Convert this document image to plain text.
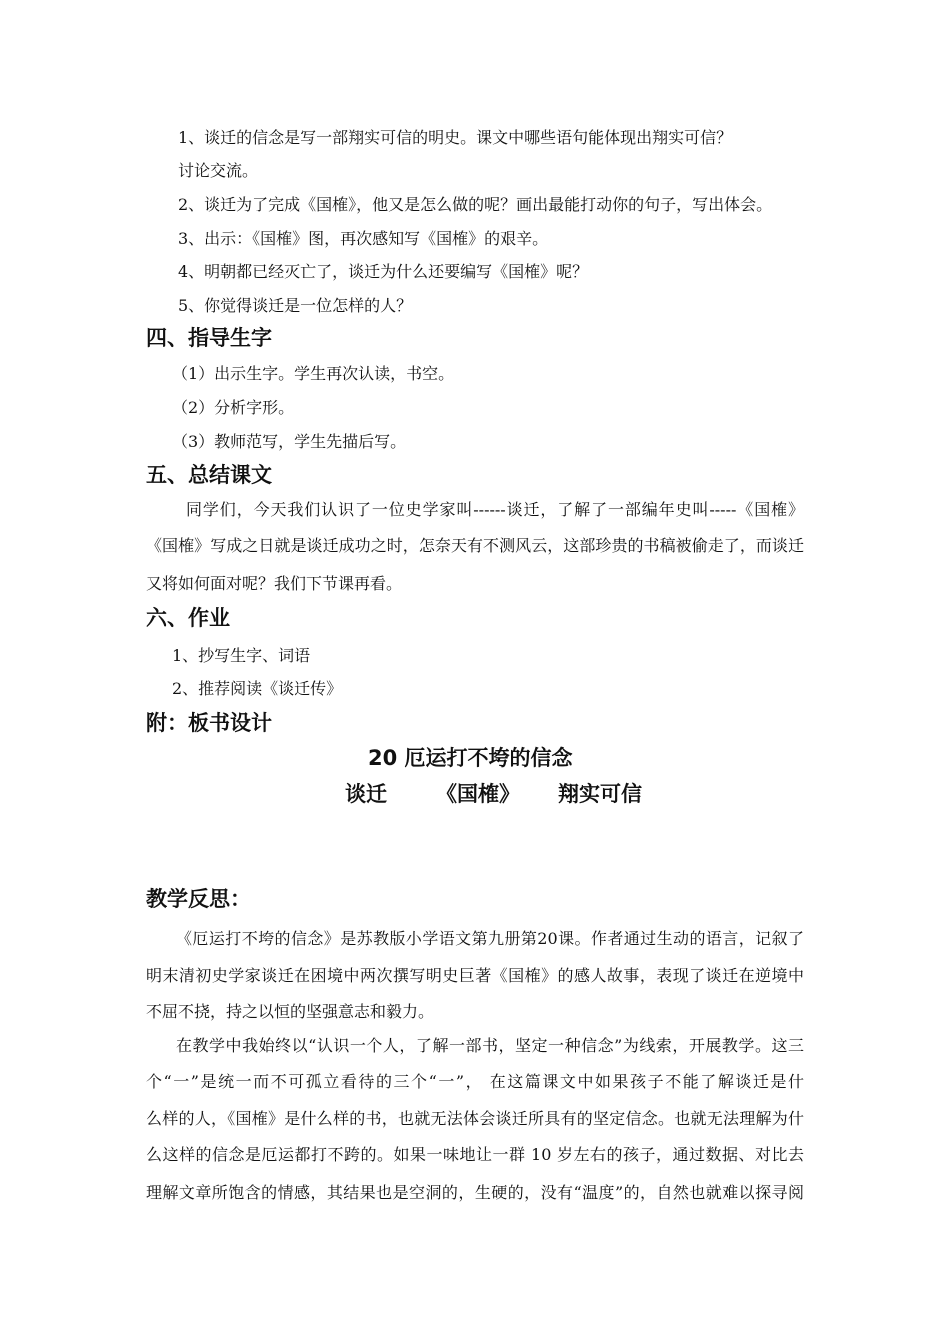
1、谈迁的信念是写一部翔实可信的明史。课文中哪些语句能体现出翔实可信？
讨论交流。
2、谈迁为了完成《国榷》，他又是怎么做的呢？画出最能打动你的句子，写出体会。
3、出示：《国榷》图，再次感知写《国榷》的艰辛。
4、明朝都已经灭亡了，谈迁为什么还要编写《国榷》呢？
5、你觉得谈迁是一位怎样的人？
四、指导生字
（1）出示生字。学生再次认读，书空。
（2）分析字形。
（3）教师范写，学生先描后写。
五、总结课文
同学们，今天我们认识了一位史学家叫------谈迁，了解了一部编年史叫-----《国榷》
《国榷》写成之日就是谈迁成功之时，怎奈天有不测风云，这部珍贵的书稿被偷走了，而谈迁
又将如何面对呢？我们下节课再看。
六、作业
1、抄写生字、词语
2、推荐阅读《谈迁传》
附：板书设计
20 厄运打不垮的信念
谈迁 《国榷》 翔实可信
教学反思：
《厄运打不垮的信念》是苏教版小学语文第九册第20课。作者通过生动的语言，记叙了
明末清初史学家谈迁在困境中两次撰写明史巨著《国榷》的感人故事，表现了谈迁在逆境中
不屈不挠，持之以恒的坚强意志和毅力。
在教学中我始终以“认识一个人，了解一部书，坚定一种信念”为线索，开展教学。这三
个“一”是统一而不可孤立看待的三个“一”， 在这篇课文中如果孩子不能了解谈迁是什
么样的人，《国榷》是什么样的书，也就无法体会谈迁所具有的坚定信念。也就无法理解为什
么这样的信念是厄运都打不跨的。如果一味地让一群 10 岁左右的孩子，通过数据、对比去
理解文章所饱含的情感，其结果也是空洞的，生硬的，没有“温度”的，自然也就难以探寻阅
